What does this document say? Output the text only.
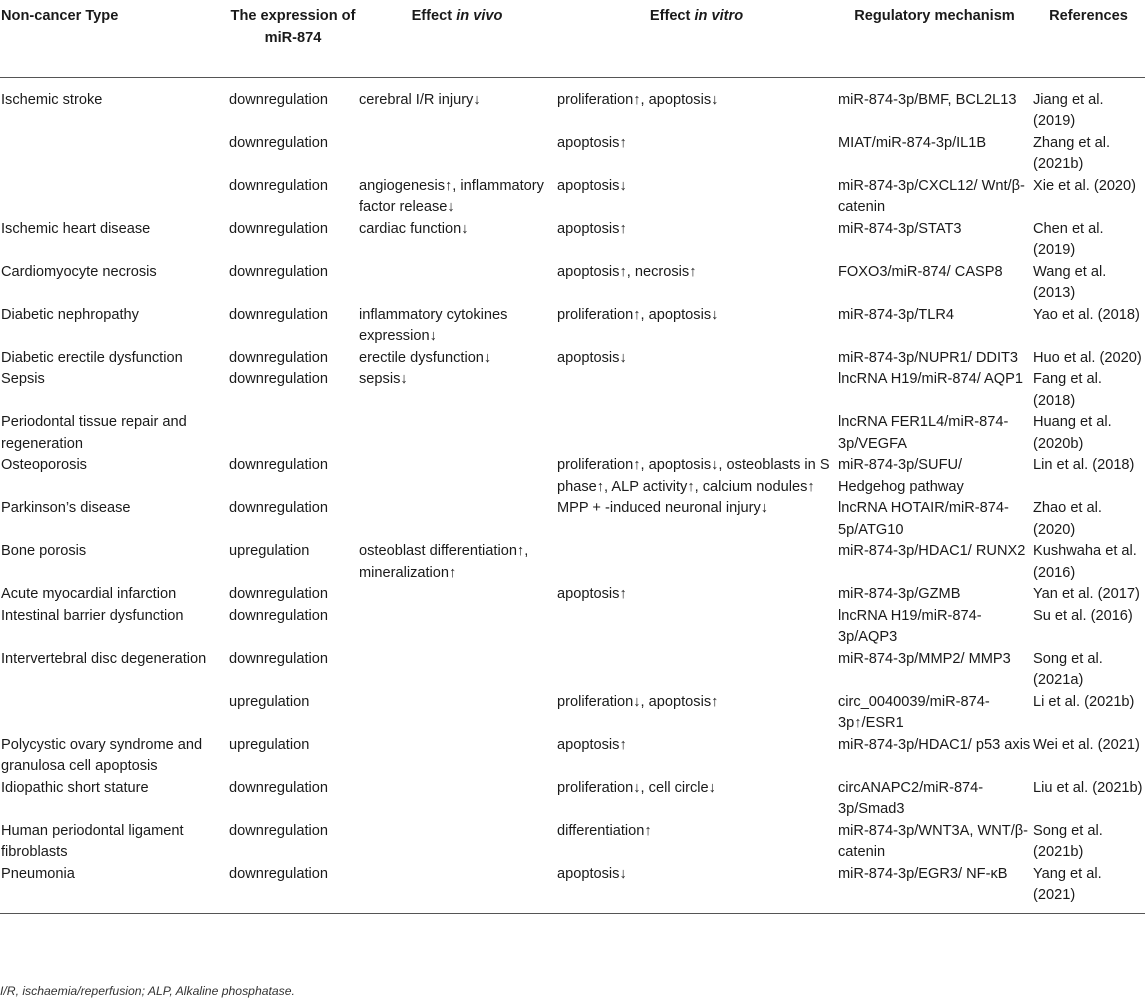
Non-cancer Type	The expression of miR-874	Effect in vivo	Effect in vitro	Regulatory mechanism	References
Ischemic stroke	downregulation	cerebral I/R injury↓	proliferation↑, apoptosis↓	miR-874-3p/BMF, BCL2L13	Jiang et al. (2019)
	downregulation		apoptosis↑	MIAT/miR-874-3p/IL1B	Zhang et al. (2021b)
	downregulation	angiogenesis↑, inflammatory factor release↓	apoptosis↓	miR-874-3p/CXCL12/ Wnt/β-catenin	Xie et al. (2020)
Ischemic heart disease	downregulation	cardiac function↓	apoptosis↑	miR-874-3p/STAT3	Chen et al. (2019)
Cardiomyocyte necrosis	downregulation		apoptosis↑, necrosis↑	FOXO3/miR-874/ CASP8	Wang et al. (2013)
Diabetic nephropathy	downregulation	inflammatory cytokines expression↓	proliferation↑, apoptosis↓	miR-874-3p/TLR4	Yao et al. (2018)
Diabetic erectile dysfunction	downregulation	erectile dysfunction↓	apoptosis↓	miR-874-3p/NUPR1/ DDIT3	Huo et al. (2020)
Sepsis	downregulation	sepsis↓		lncRNA H19/miR-874/ AQP1	Fang et al. (2018)
Periodontal tissue repair and regeneration				lncRNA FER1L4/miR-874-3p/VEGFA	Huang et al. (2020b)
Osteoporosis	downregulation		proliferation↑, apoptosis↓, osteoblasts in S phase↑, ALP activity↑, calcium nodules↑	miR-874-3p/SUFU/ Hedgehog pathway	Lin et al. (2018)
Parkinson’s disease	downregulation		MPP + -induced neuronal injury↓	lncRNA HOTAIR/miR-874-5p/ATG10	Zhao et al. (2020)
Bone porosis	upregulation	osteoblast differentiation↑, mineralization↑		miR-874-3p/HDAC1/ RUNX2	Kushwaha et al. (2016)
Acute myocardial infarction	downregulation		apoptosis↑	miR-874-3p/GZMB	Yan et al. (2017)
Intestinal barrier dysfunction	downregulation			lncRNA H19/miR-874-3p/AQP3	Su et al. (2016)
Intervertebral disc degeneration	downregulation			miR-874-3p/MMP2/ MMP3	Song et al. (2021a)
	upregulation		proliferation↓, apoptosis↑	circ_0040039/miR-874-3p↑/ESR1	Li et al. (2021b)
Polycystic ovary syndrome and granulosa cell apoptosis	upregulation		apoptosis↑	miR-874-3p/HDAC1/ p53 axis	Wei et al. (2021)
Idiopathic short stature	downregulation		proliferation↓, cell circle↓	circANAPC2/miR-874-3p/Smad3	Liu et al. (2021b)
Human periodontal ligament fibroblasts	downregulation		differentiation↑	miR-874-3p/WNT3A, WNT/β-catenin	Song et al. (2021b)
Pneumonia	downregulation		apoptosis↓	miR-874-3p/EGR3/ NF-κB	Yang et al. (2021)
I/R, ischaemia/reperfusion; ALP, Alkaline phosphatase.
